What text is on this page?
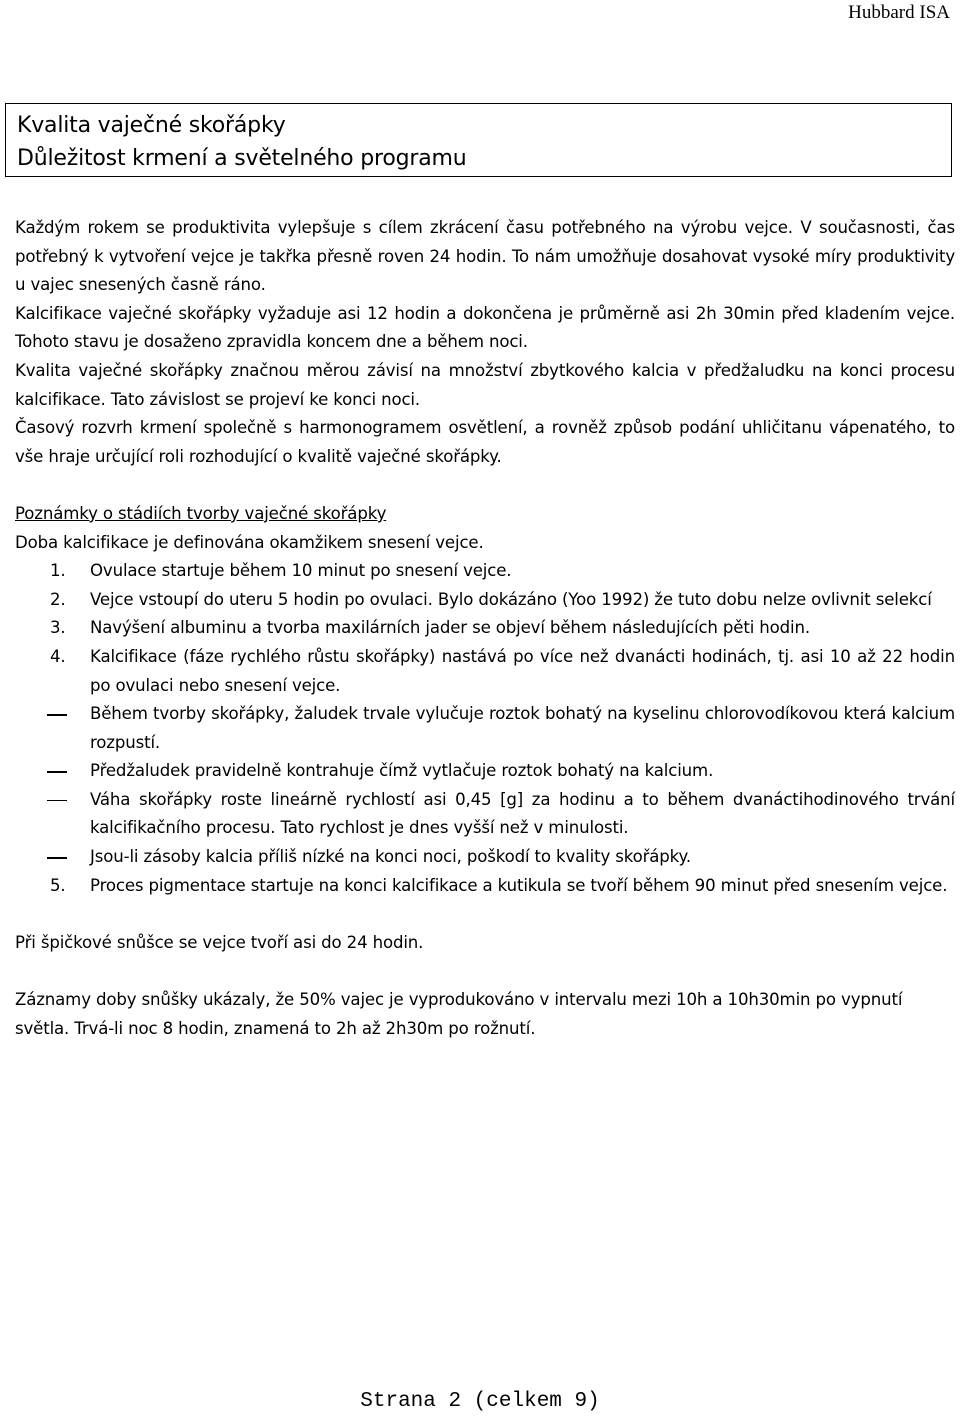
Hubbard ISA
Kvalita vaječné skořápky
Důležitost krmení a světelného programu

Každým rokem se produktivita vylepšuje s cílem zkrácení času potřebného na výrobu vejce. V současnosti, čas potřebný k vytvoření vejce je takřka přesně roven 24 hodin. To nám umožňuje dosahovat vysoké míry produktivity u vajec snesených časně ráno.

Kalcifikace vaječné skořápky vyžaduje asi 12 hodin a dokončena je průměrně asi 2h 30min před kladením vejce. Tohoto stavu je dosaženo zpravidla koncem dne a během noci.

Kvalita vaječné skořápky značnou měrou závisí na množství zbytkového kalcia v předžaludku na konci procesu kalcifikace. Tato závislost se projeví ke konci noci.

Časový rozvrh krmení společně s harmonogramem osvětlení, a rovněž způsob podání uhličitanu vápenatého, to vše hraje určující roli rozhodující o kvalitě vaječné skořápky.

Poznámky o stádiích tvorby vaječné skořápky

Doba kalcifikace je definována okamžikem snesení vejce.

1. Ovulace startuje během 10 minut po snesení vejce.
2. Vejce vstoupí do uteru 5 hodin po ovulaci. Bylo dokázáno (Yoo 1992) že tuto dobu nelze ovlivnit selekcí
3. Navýšení albuminu a tvorba maxilárních jader se objeví během následujících pěti hodin.
4. Kalcifikace (fáze rychlého růstu skořápky) nastává po více než dvanácti hodinách, tj. asi 10 až 22 hodin po ovulaci nebo snesení vejce.
Během tvorby skořápky, žaludek trvale vylučuje roztok bohatý na kyselinu chlorovodíkovou která kalcium rozpustí.
Předžaludek pravidelně kontrahuje čímž vytlačuje roztok bohatý na kalcium.
Váha skořápky roste lineárně rychlostí asi 0,45 [g] za hodinu a to během dvanáctihodinového trvání kalcifikačního procesu. Tato rychlost je dnes vyšší než v minulosti.
Jsou-li zásoby kalcia příliš nízké na konci noci, poškodí to kvality skořápky.
5. Proces pigmentace startuje na konci kalcifikace a kutikula se tvoří během 90 minut před snesením vejce.

Při špičkové snůšce se vejce tvoří asi do 24 hodin.

Záznamy doby snůšky ukázaly, že 50% vajec je vyprodukováno v intervalu mezi 10h a 10h30min po vypnutí světla. Trvá-li noc 8 hodin, znamená to 2h až 2h30m po rožnutí.

Strana 2 (celkem 9)
